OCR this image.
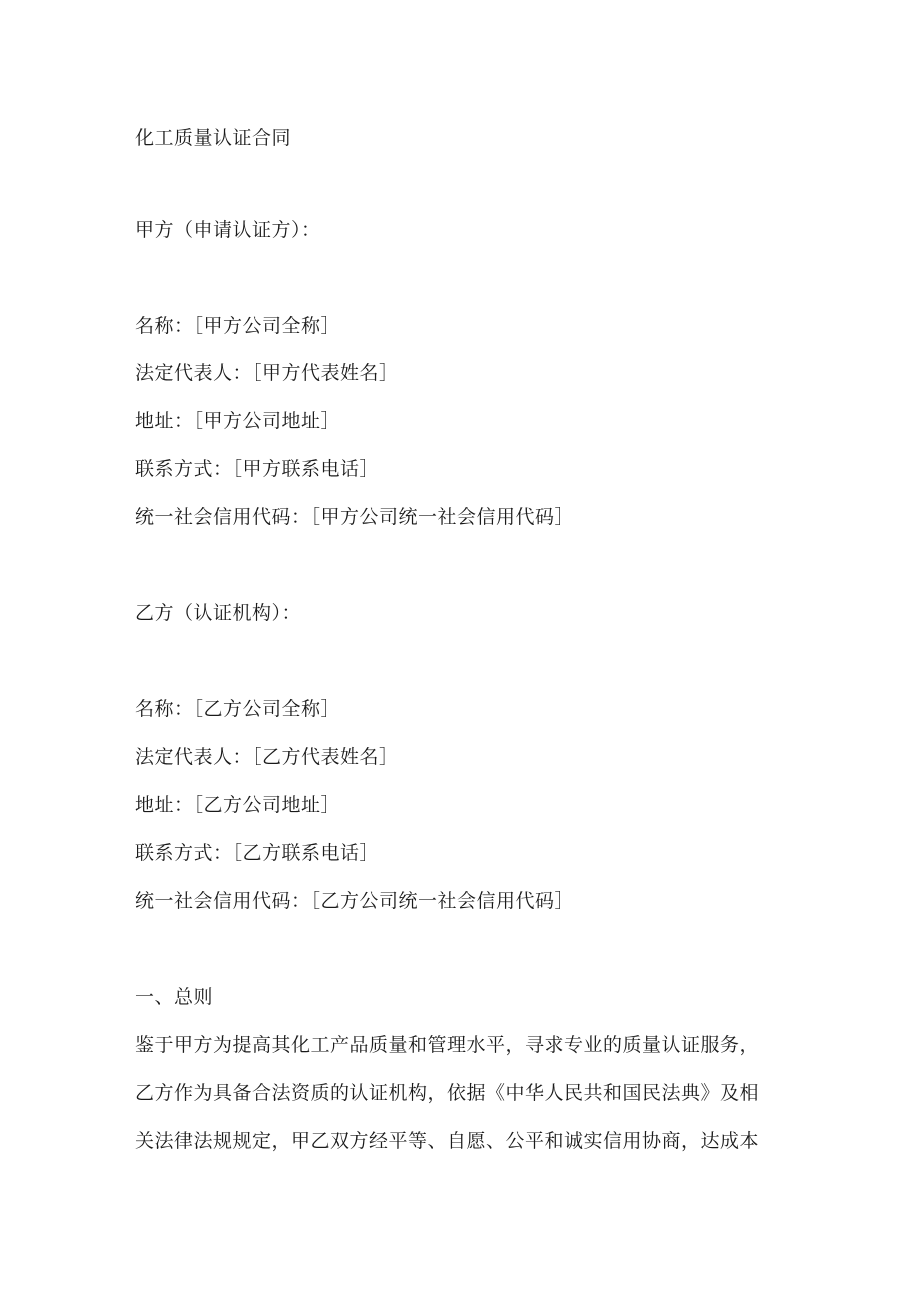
化工质量认证合同
甲方（申请认证方）：
名称：［甲方公司全称］
法定代表人：［甲方代表姓名］
地址：［甲方公司地址］
联系方式：［甲方联系电话］
统一社会信用代码：［甲方公司统一社会信用代码］
乙方（认证机构）：
名称：［乙方公司全称］
法定代表人：［乙方代表姓名］
地址：［乙方公司地址］
联系方式：［乙方联系电话］
统一社会信用代码：［乙方公司统一社会信用代码］
一、总则
鉴于甲方为提高其化工产品质量和管理水平，寻求专业的质量认证服务，
乙方作为具备合法资质的认证机构，依据《中华人民共和国民法典》及相
关法律法规规定，甲乙双方经平等、自愿、公平和诚实信用协商，达成本
